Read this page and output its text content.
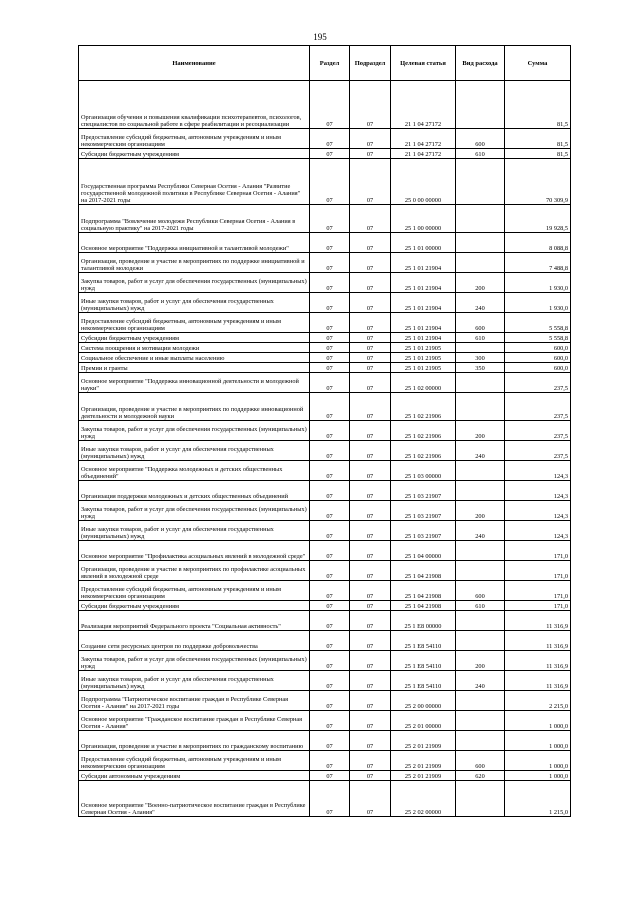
195
Наименование	Раздел	Подраздел	Целевая статья	Вид расхода	Сумма
Организация обучения и повышения квалификации психотерапевтов, психологов, специалистов по социальной работе в сфере реабилитации и ресоциализации	07	07	21 1 04 27172		81,5
Предоставление субсидий бюджетным, автономным учреждениям и иным некоммерческим организациям	07	07	21 1 04 27172	600	81,5
Субсидии бюджетным учреждениям	07	07	21 1 04 27172	610	81,5
Государственная программа Республики Северная Осетия - Алания "Развитие государственной молодежной политики в Республике Северная Осетия - Алания" на 2017-2021 годы	07	07	25 0 00 00000		70 309,9
Подпрограмма "Вовлечение молодежи Республики Северная Осетия - Алания в социальную практику" на 2017-2021 годы	07	07	25 1 00 00000		19 928,5
Основное мероприятие "Поддержка инициативной и талантливой молодежи"	07	07	25 1 01 00000		8 088,8
Организация, проведение и участие в мероприятиях по поддержке инициативной и талантливой молодежи	07	07	25 1 01 21904		7 488,8
Закупка товаров, работ и услуг для обеспечения государственных (муниципальных) нужд	07	07	25 1 01 21904	200	1 930,0
Иные закупки товаров, работ и услуг для обеспечения государственных (муниципальных) нужд	07	07	25 1 01 21904	240	1 930,0
Предоставление субсидий бюджетным, автономным учреждениям и иным некоммерческим организациям	07	07	25 1 01 21904	600	5 558,8
Субсидии бюджетным учреждениям	07	07	25 1 01 21904	610	5 558,8
Система поощрения и мотивации молодежи	07	07	25 1 01 21905		600,0
Социальное обеспечение и иные выплаты населению	07	07	25 1 01 21905	300	600,0
Премии и гранты	07	07	25 1 01 21905	350	600,0
Основное мероприятие "Поддержка инновационной деятельности и молодежной науки"	07	07	25 1 02 00000		237,5
Организация, проведение и участие в мероприятиях по поддержке инновационной деятельности и молодежной науки	07	07	25 1 02 21906		237,5
Закупка товаров, работ и услуг для обеспечения государственных (муниципальных) нужд	07	07	25 1 02 21906	200	237,5
Иные закупки товаров, работ и услуг для обеспечения государственных (муниципальных) нужд	07	07	25 1 02 21906	240	237,5
Основное мероприятие "Поддержка молодежных и детских общественных объединений"	07	07	25 1 03 00000		124,3
Организация поддержки молодежных и детских общественных объединений	07	07	25 1 03 21907		124,3
Закупка товаров, работ и услуг для обеспечения государственных (муниципальных) нужд	07	07	25 1 03 21907	200	124,3
Иные закупки товаров, работ и услуг для обеспечения государственных (муниципальных) нужд	07	07	25 1 03 21907	240	124,3
Основное мероприятие "Профилактика асоциальных явлений в молодежной среде"	07	07	25 1 04 00000		171,0
Организация, проведение и участие в мероприятиях по профилактике асоциальных явлений в молодежной среде	07	07	25 1 04 21908		171,0
Предоставление субсидий бюджетным, автономным учреждениям и иным некоммерческим организациям	07	07	25 1 04 21908	600	171,0
Субсидии бюджетным учреждениям	07	07	25 1 04 21908	610	171,0
Реализация мероприятий Федерального проекта "Социальная активность"	07	07	25 1 E8 00000		11 316,9
Создание сети ресурсных центров по поддержке добровольчества	07	07	25 1 E8 54110		11 316,9
Закупка товаров, работ и услуг для обеспечения государственных (муниципальных) нужд	07	07	25 1 E8 54110	200	11 316,9
Иные закупки товаров, работ и услуг для обеспечения государственных (муниципальных) нужд	07	07	25 1 E8 54110	240	11 316,9
Подпрограмма "Патриотическое воспитание граждан в Республике Северная Осетия - Алания" на 2017-2021 годы	07	07	25 2 00 00000		2 215,0
Основное мероприятие "Гражданское воспитание граждан в Республике Северная Осетия - Алания"	07	07	25 2 01 00000		1 000,0
Организация, проведение и участие в мероприятиях по гражданскому воспитанию	07	07	25 2 01 21909		1 000,0
Предоставление субсидий бюджетным, автономным учреждениям и иным некоммерческим организациям	07	07	25 2 01 21909	600	1 000,0
Субсидии автономным учреждениям	07	07	25 2 01 21909	620	1 000,0
Основное мероприятие "Военно-патриотическое воспитание граждан в Республике Северная Осетия - Алания"	07	07	25 2 02 00000		1 215,0
